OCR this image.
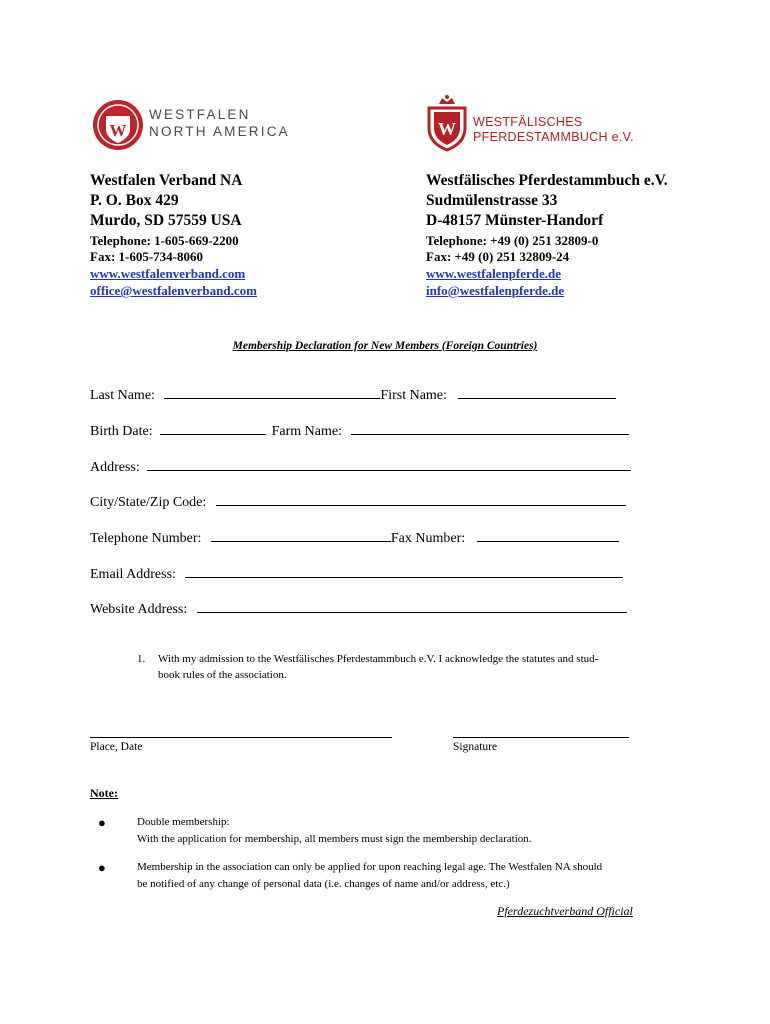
W
WESTFALEN
NORTH AMERICA	W WESTFÄLISCHES
PFERDESTAMMBUCH e.V.
Westfalen Verband NA
P. O. Box 429
Murdo, SD 57559 USA
Telephone: 1-605-669-2200
Fax: 1-605-734-8060
www.westfalenverband.com
office@westfalenverband.com
Westfälisches Pferdestammbuch e.V.
Sudmülenstrasse 33
D-48157 Münster-Handorf
Telephone: +49 (0) 251 32809-0
Fax: +49 (0) 251 32809-24
www.westfalenpferde.de
info@westfalenpferde.de
Membership Declaration for New Members (Foreign Countries)
Last Name:	First Name:
Birth Date:	Farm Name:
Address:
City/State/Zip Code:
Telephone Number:	Fax Number:
Email Address:
Website Address:
1. With my admission to the Westfälisches Pferdestammbuch e.V. I acknowledge the statutes and stud-
book rules of the association.
Place, Date	Signature
Note:
●	Double membership:
With the application for membership, all members must sign the membership declaration.
●	Membership in the association can only be applied for upon reaching legal age. The Westfalen NA should
be notified of any change of personal data (i.e. changes of name and/or address, etc.)
Pferdezuchtverband Official
